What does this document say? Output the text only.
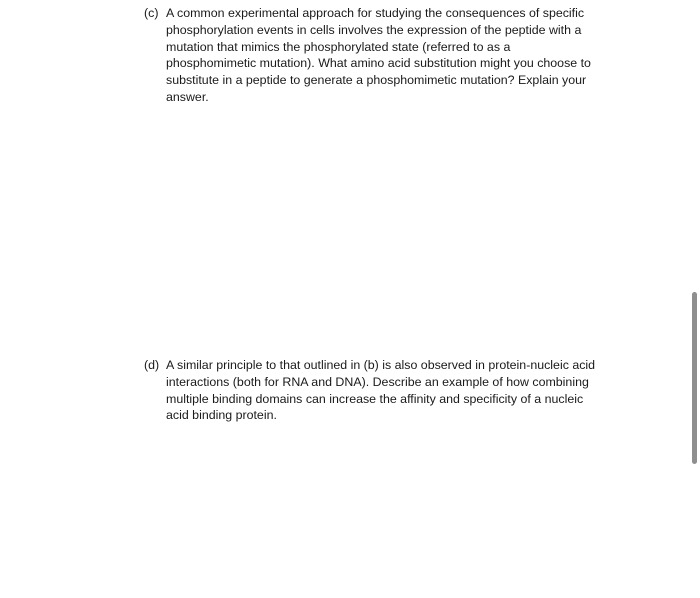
(c) A common experimental approach for studying the consequences of specific
phosphorylation events in cells involves the expression of the peptide with a
mutation that mimics the phosphorylated state (referred to as a
phosphomimetic mutation). What amino acid substitution might you choose to
substitute in a peptide to generate a phosphomimetic mutation? Explain your
answer.
(d) A similar principle to that outlined in (b) is also observed in protein-nucleic acid
interactions (both for RNA and DNA). Describe an example of how combining
multiple binding domains can increase the affinity and specificity of a nucleic
acid binding protein.
